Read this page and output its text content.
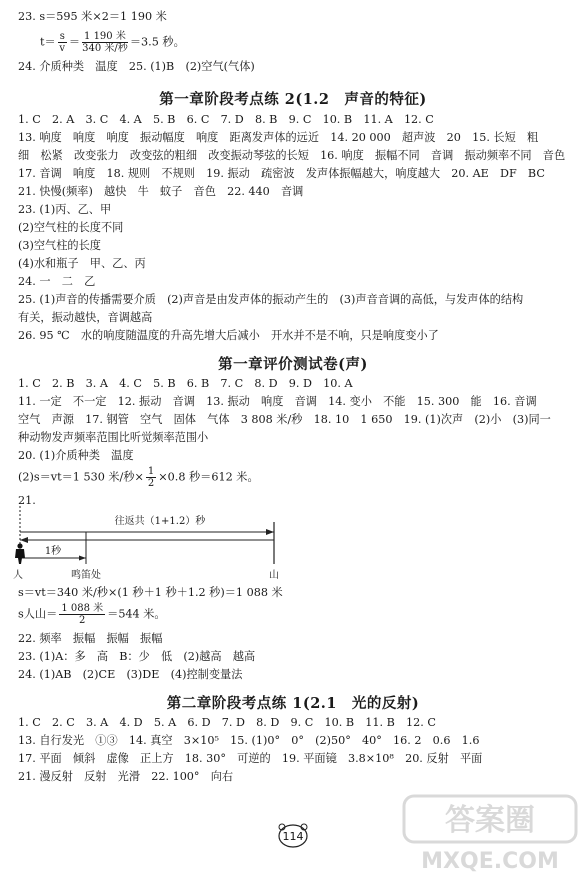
23. s＝595 米×2＝1 190 米
$t= \frac{s}{v} = \frac{\text{1 190 米}}{\text{340 米/秒}} =3.5$ 秒。
24. 介质种类　温度　25. (1)B　(2)空气(气体)
第一章阶段考点练 2(1.2　声音的特征)
1. C　2. A　3. C　4. A　5. B　6. C　7. D　8. B　9. C　10. B　11. A　12. C
13. 响度　响度　响度　振动幅度　响度　距离发声体的远近　14. 20 000　超声波　20　15. 长短　粗
细　松紧　改变张力　改变弦的粗细　改变振动琴弦的长短　16. 响度　振幅不同　音调　振动频率不同　音色
17. 音调　响度　18. 规则　不规则　19. 振动　疏密波　发声体振幅越大，响度越大　20. AE　DF　BC
21. 快慢(频率)　越快　牛　蚊子　音色　22. 440　音调
23. (1)丙、乙、甲
(2)空气柱的长度不同
(3)空气柱的长度
(4)水和瓶子　甲、乙、丙
24. 一　二　乙
25. (1)声音的传播需要介质　(2)声音是由发声体的振动产生的　(3)声音音调的高低，与发声体的结构
有关，振动越快，音调越高
26. 95 ℃　水的响度随温度的升高先增大后减小　开水并不是不响，只是响度变小了
第一章评价测试卷(声)
1. C　2. B　3. A　4. C　5. B　6. B　7. C　8. D　9. D　10. A
11. 一定　不一定　12. 振动　音调　13. 振动　响度　音调　14. 变小　不能　15. 300　能　16. 音调
空气　声源　17. 钢管　空气　固体　气体　3 808 米/秒　18. 10　1 650　19. (1)次声　(2)小　(3)同一
种动物发声频率范围比听觉频率范围小
20. (1)介质种类　温度
(2)s＝vt＝1 530 米/秒× $\frac{1}{2} \times 0.8$ 秒＝612 米。
21.
往返共（1+1.2）秒
1秒
人	鸣笛处	山
s＝vt＝340 米/秒×(1 秒＋1 秒＋1.2 秒)＝1 088 米
s人山＝ $\frac{\text{1 088 米}}{2} =544$ 米。
22. 频率　振幅　振幅　振幅
23. (1)A：多　高　B：少　低　(2)越高　越高
24. (1)AB　(2)CE　(3)DE　(4)控制变量法
第二章阶段考点练 1(2.1　光的反射)
1. C　2. C　3. A　4. D　5. A　6. D　7. D　8. D　9. C　10. B　11. B　12. C
13. 自行发光　①③　14. 真空　3×10⁵　15. (1)0°　0°　(2)50°　40°　16. 2　0.6　1.6
17. 平面　倾斜　虚像　正上方　18. 30°　可逆的　19. 平面镜　3.8×10⁸　20. 反射　平面
21. 漫反射　反射　光滑　22. 100°　向右
114	答案圈
MXQE.COM
